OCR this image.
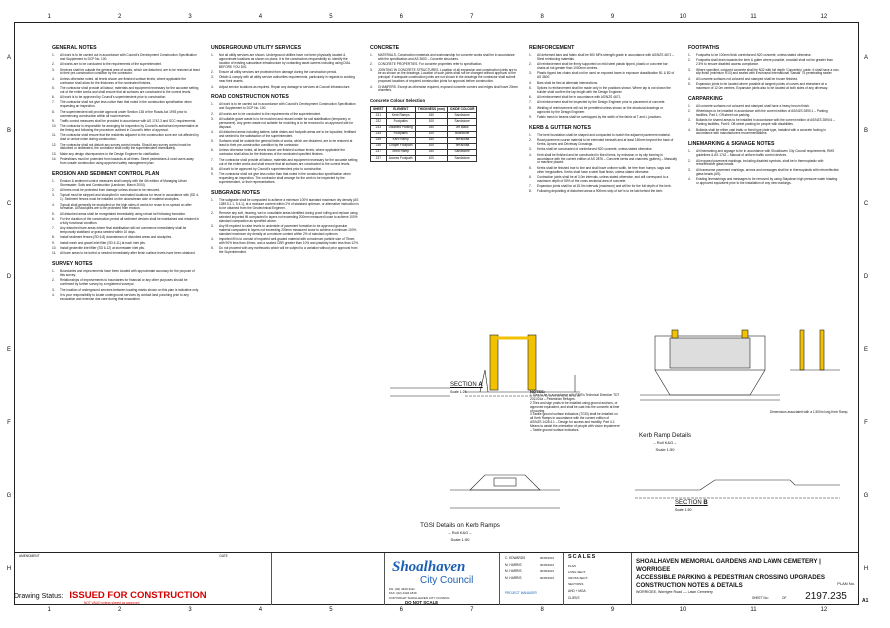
1	2	3	4	5	6	7	8	9	10	11	12
1	2	3	4	5	6	7	8	9	10	11	12
A
B
C
D
E
F
G
H
A
B
C
D
E
F
G
H
GENERAL NOTES
1.	All work is to be carried out in accordance with Council's Development Construction Specification and Supplement to DCP No. 100.
2.	All works are to be conducted to the requirements of the superintendent.
3.	Services shall be outside the general area of works, which are disturbed, are to be restored at least to their pre-construction condition by the contractor.
4.	Unless otherwise noted, all levels shown are finished surface levels, where applicable the contractor shall allow for the thickness of the nominated finishes.
5.	The contractor shall provide all labour, materials and equipment necessary for the accurate setting out of the entire works and shall ensure that all surfaces are constructed to the correct levels.
6.	All work is to be approved by Council's superintendent prior to construction.
7.	The contractor shall not give less notice than that noted in the construction specification when requesting an inspection.
8.	The superintendent will provide approval under Section 138 of the Roads Act 1993 prior to commencing construction within all road reserves.
9.	Traffic control measures shall be provided in accordance with AS 1742.3 and SCC requirements.
10.	The contractor is responsible for arranging for inspection by Council's authorised representative at the timing and following the procedure outlined in Council's letter of approval.
11.	The contractor shall ensure that the residents adjacent to the construction zone are not affected by dust or undue noise during construction.
12.	The contractor shall not disturb any survey control marks. Should any survey control mark be disturbed or obliterated, the contractor shall notify the superintendent immediately.
13.	Make any design discrepancies to the Design Engineer for clarification.
14.	Pedestrians must be protected from hazards at all times. Street pedestrians & road users away from unsafe construction using approved safety management plan.
EROSION AND SEDIMENT CONTROL PLAN
1.	Erosion & sediment control measures shall comply with the 4th edition of Managing Urban Stormwater: Soils and Construction (Landcom, March 2004).
2.	All trees must be protected from damage unless shown to be removed.
3.	Topsoil must be stripped and stockpiled in nominated locations for reuse in accordance with (SD 4-1). Sediment fences must be installed on the downstream side of material stockpiles.
4.	Topsoil shall generally be stockpiled on the high sides of works for reuse to re-spread on after formation. All stockpiles are to be protected from erosion.
5.	All disturbed areas shall be revegetated immediately using robust turf following formation.
6.	For the duration of the construction period all sediment devices shall be maintained and retained in a fully functional condition.
7.	Any disturbed bare areas where final stabilisation will not commence immediately shall be temporarily stabilised or grass seeded within 10 days.
8.	Install sediment fences (SD 6-8) downstream of disturbed areas and stockpiles.
9.	Install mesh and gravel inlet filter (SD 6-11) at each inlet pits.
10.	Install geotextile inlet filter (SD 6-12) at stormwater inlet pits.
11.	All bare areas to be turfed or seeded immediately after finish surface levels have been obtained.
SURVEY NOTES
1.	Boundaries and improvements have been located with approximate accuracy for the purpose of this survey.
2.	Relationships of improvements to boundaries for financial or any other purposes should be confirmed by further survey by a registered surveyor.
3.	The location of underground services between locating marks shown on this plan is indicative only.
4.	It is your responsibility to locate underground services by contact land punching prior to any excavation and exercise due care during that excavation.
UNDERGROUND UTILITY SERVICES
1.	Not all utility services are shown. Underground utilities have not been physically located & approximate locations as shown on plans. It is the constructors responsibility to: identify the location of existing subsurface infrastructure by contacting asset owners including using DIAL BEFORE YOU DIG.
2.	Ensure all utility services are protected from damage during the construction period.
3.	Obtain & comply with all utility service authorities requirements, particularly in regards to working near their assets.
4.	Adjust service locations as required. Repair any damage to services at Council infrastructure.
ROAD CONSTRUCTION NOTES
1.	All work is to be carried out in accordance with Council's Development Construction Specification and Supplement to DCP No. 100.
2.	All works are to be conducted to the requirements of the superintendent.
3.	All suitable grave waste is to be mulched and reused onsite for soil stabilisation (temporary or permanent). Any green waste not suitable for mulching is to be removed to an approved site for disposal.
4.	All disturbed areas including batters, table drains and footpath areas are to be topsoiled, fertilised and seeded to the satisfaction of the superintendent.
5.	Surfaces shall be outside the general limits of works, which are disturbed, are to be restored at least to their pre-construction condition by the contractor.
6.	Unless otherwise noted, all levels shown are finished surface levels, where applicable the contractor shall allow for the thickness of the nominated specified finishes.
7.	The contractor shall provide all labour, materials and equipment necessary for the accurate setting out of the entire works and shall ensure that all surfaces are constructed to the correct levels.
8.	All work to be approved by Council's superintendent prior to construction.
9.	The contractor shall not give less notice than that noted in the construction specification when requesting an inspection. The contractor shall arrange for the work to be inspected by the superintendent, or their representatives.
SUBGRADE NOTES
1.	The subgrade shall be compacted to achieve a minimum 100% standard maximum dry density (AS 1289.5.1.1, 5.4.1), at a moisture content within 2% of standard optimum, or alternative instruction is to be obtained from the Geotechnical Engineer.
2.	Remove any soft, heaving, wet or unsuitable areas identified during proof rolling and replace using selected imported fill compacted in layers not exceeding 200mm measured loose to achieve 100% standard compaction as specified above.
3.	Any fill required to raise levels to underside of pavement formation to be approved granular material compacted in layers not exceeding 200mm measured loose to achieve a minimum 100% standard maximum dry density at a moisture content within 2% of standard optimum.
4.	Imported fill is to consist of imported well-graded material with a maximum particle size of 75mm, with 90% less than 40mm, and a soaked CBR greater than 10% and plasticity index less than 12%.
5.	Do not proceed with any earthworks which will be subject to a variation without prior approval from the Superintendent.
CONCRETE
1.	MATERIALS. Construction materials and workmanship for concrete works shall be in accordance with the specification and AS 3600 – Concrete structures.
2.	CONCRETE PROPERTIES. For concrete properties refer to specification.
3.	JOINTING IN CONCRETE STRUCTURES. Location of all expansion and construction joints are to be as shown on the drawings. Location of such joints shall not be changed without approval of the principal. If adequate construction joints are not shown in the drawings the contractor shall submit proposed locations of required construction joints for approval before construction.
4.	CHAMFERS. Except as otherwise required, exposed concrete corners and edges shall have 20mm chamfers.
Concrete Colour Selection
SHEET	ELEMENT	THICKNESS (mm)	OXIDE COLOUR
231	Kerb Ramps	150	Sandstone
232	Footpaths	100	Sandstone
233	Disabled Parking	150	Jet Black
234	Footpaths	100	Bluestone
235	Kerb Ramp	150	Terracotta
236	Chapel Footpath	100	Terracotta
237	Shed Ramp	150	Sandstone
237	Access Footpath	100	Sandstone
REINFORCEMENT
1.	All deformed bars and fabric shall be 500 MPa strength grade in accordance with AS/NZS 4671 – Steel reinforcing materials.
2.	All reinforcement shall be firmly supported on mild steel plastic tipped, plastic or concrete bar chairs at not greater than 1000mm centres.
3.	Plastic tipped bar chairs shall not be used on exposed faces in exposure classification B1 & B2 of AS 3600.
4.	Bars shall be tied at alternate intersections.
5.	Splices in reinforcement shall be made only in the positions shown. Where lap is not shown the builder shall confirm the lap length with the Design Engineer.
6.	All reinforcement shall be in accordance with AS/NZS 4671.
7.	All reinforcement shall be inspected by the Design Engineer prior to placement of concrete.
8.	Welding of reinforcement will not be permitted unless shown on the structural drawings or approved by the Design Engineer.
9.	Fabric mesh in beams shall be overlapped by the width of the fabric at T and L junctions.
KERB & GUTTER NOTES
1.	The kerb foundation shall be shaped and compacted to match the adjacent pavement material.
2.	Road pavement course material to be extended beneath and at least 150mm beyond the back of Kerbs, Aprons and Driveway Crossings.
3.	Kerbs shall be constructed of unreinforced N20 concrete, unless stated otherwise.
4.	Kerb shall be finished and be constructed in fixed forms, by extrusion or by slip forming in accordance with the current edition of AS 2876 – Concrete kerbs and channels (gutters) – Manually or machine placed.
5.	Kerbs shall be finished true to line and shall have uniform width, be free from humps, sags and other irregularities. Kerbs shall have a steel float finish, unless stated otherwise.
6.	Contraction joints shall be at 3.0m intervals, unless stated otherwise, and will correspond to a maximum depth of 50% of the cross sectional area of concrete.
7.	Expansion joints shall be at 15.0m intervals (maximum) and will be for the full depth of the kerb.
8.	Following depositing of disturbed areas a 900mm strip of turf is to be laid behind the kerb.
FOOTPATHS
1.	Footpaths to be 100mm thick unreinforced N20 concrete, unless stated otherwise.
2.	Footpaths shall drain towards the kerb & gutter where possible, crossfall shall not be greater than 2.5% to ensure disabled access compliance.
3.	Where specified, coloured concrete shall be N32 with full depth 'Concentric' oxide. It shall have a non-slip finish (minimum R10) and sealed with Enviroseal International 'Sanaki' 75 penetrating sealer.
4.	All concrete surfaces not coloured and stamped shall be broom finished.
5.	Expansion joints to be located where possible at tangent points of curves and elsewhere at a maximum of 12.0m centres. Expansion joints also to be located at both sides of any driveway.
CARPARKING
1.	All concrete surfaces not coloured and stamped shall have a heavy broom finish.
2.	Wheelstops to be installed in accordance with the current edition of AS/NZS 2890.1 – Parking facilities, Part 1: Off-street car parking.
3.	Bollards for shared areas to be installed in accordance with the current edition of AS/NZS 2890.6 – Parking facilities, Part 6: Off-street parking for people with disabilities.
4.	Bollards shall be either cast insitu or fixed type plate type, installed with a concrete footing in accordance with manufacturers recommendations.
LINEMARKING & SIGNAGE NOTES
1.	All linemarking and signage to be in accordance with Shoalhaven City Council requirements, RMS guidelines & AS 1742 – Manual of uniform traffic control devices.
2.	All exposed pavement markings, including disabled symbols, shall be in thermoplastic with retroreflective glass beads.
3.	All transverse pavement markings, arrows and messages shall be in thermoplastic with retroreflective glass beads (AS).
4.	Existing linemarkings and messages to be removed by using Stayclean high pressure water blasting or approved equivalent prior to the installation of any new markings.
SECTION A
Scale 1:25
TGSI Details on Kerb Ramps
– Roll K&G –
Scale 1:50
Kerb Ramp Details
– Roll K&G –
Scale 1:50
SECTION B
Scale 1:50
Dimensions associated with a 1.500m long Kerb Ramp.
NOTES:
1.Tiles to be in accordance with RMS's Technical Direction TDT 2011/01a – Pedestrian Refuges.
2.Tiles and sign posts to be installed using ground anchors, or approved equivalent, and shall be cast into the concrete at time of pouring.
3.Tactile ground surface indicators (TGSI) shall be installed on all Kerb Ramps in accordance with the current edition of AS/NZS 1428.4.1 – Design for access and mobility. Part 4.1: Means to assist the orientation of people with vision impairment – Tactile ground surface indicators.
AMENDMENT	DATE
PH: (02) 4429 3111
FAX: (02) 4422 1816
COPYRIGHT SHOALHAVEN CITY COUNCIL
DO NOT SCALE
C. EDWARDS
M. HARRIS
M. HARRIS
M. HARRIS
06/05/2016
06/05/2016
06/05/2016
06/05/2016
PROJECT MANAGER
SCALES
PLAN
LONG SECT.
CROSS SECT.
SECTIONS
AHD + MGA
CLIENT:
WORRIGEE, Worrigee Road — Lawn Cemetery
SHEET No.:	OF
Shoalhaven
City Council
SHOALHAVEN MEMORIAL GARDENS AND LAWN CEMETERY | WORRIGEE
ACCESSIBLE PARKING & PEDESTRIAN CROSSING UPGRADES
CONSTRUCTION NOTES & DETAILS	PLAN No.
2197.235	A1
Drawing Status: ISSUED FOR CONSTRUCTION
NOT VALID unless signed as approved
